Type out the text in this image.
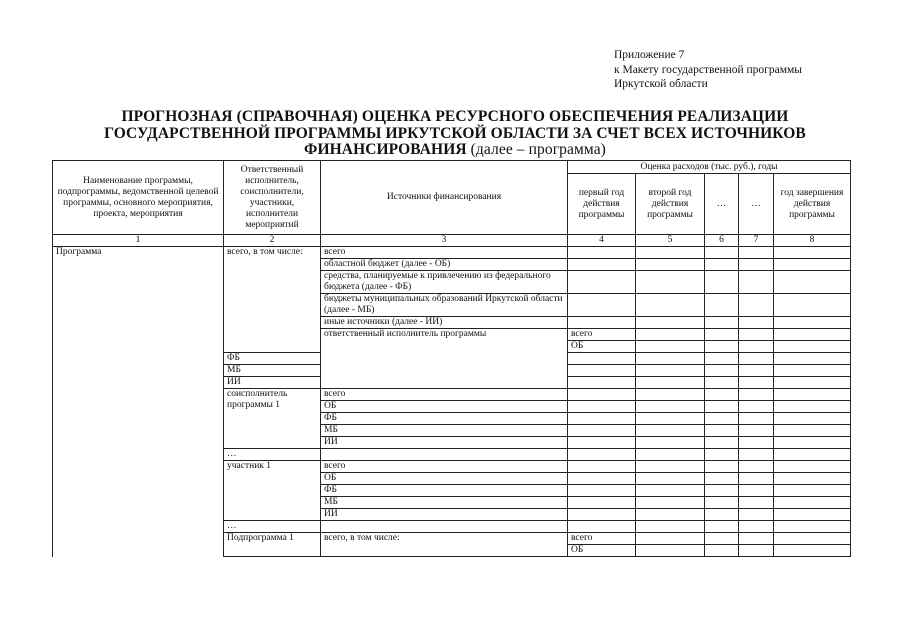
Приложение 7
к Макету государственной программы
Иркутской области
ПРОГНОЗНАЯ (СПРАВОЧНАЯ) ОЦЕНКА РЕСУРСНОГО ОБЕСПЕЧЕНИЯ РЕАЛИЗАЦИИ ГОСУДАРСТВЕННОЙ ПРОГРАММЫ ИРКУТСКОЙ ОБЛАСТИ ЗА СЧЕТ ВСЕХ ИСТОЧНИКОВ ФИНАНСИРОВАНИЯ (далее – программа)
Наименование программы, подпрограммы, ведомственной целевой программы, основного мероприятия, проекта, мероприятия	Ответственный исполнитель, соисполнители, участники, исполнители мероприятий	Источники финансирования	Оценка расходов (тыс. руб.), годы					
			первый год действия программы	второй год действия программы	…	…	год завершения действия программы	
1	2	3	4	5	6	7	8	
Программа	всего, в том числе:	всего						
		областной бюджет (далее - ОБ)						
		средства, планируемые к привлечению из федерального бюджета (далее - ФБ)						
		бюджеты муниципальных образований Иркутской области (далее - МБ)						
		иные источники (далее - ИИ)						
		ответственный исполнитель программы	всего					
			ОБ					
	ФБ							
	МБ							
	ИИ							
	соисполнитель программы 1	всего						
		ОБ						
		ФБ						
		МБ						
		ИИ						
	…							
	участник 1	всего						
		ОБ						
		ФБ						
		МБ						
		ИИ						
	…							
	Подпрограмма 1	всего, в том числе:	всего					
			ОБ					
